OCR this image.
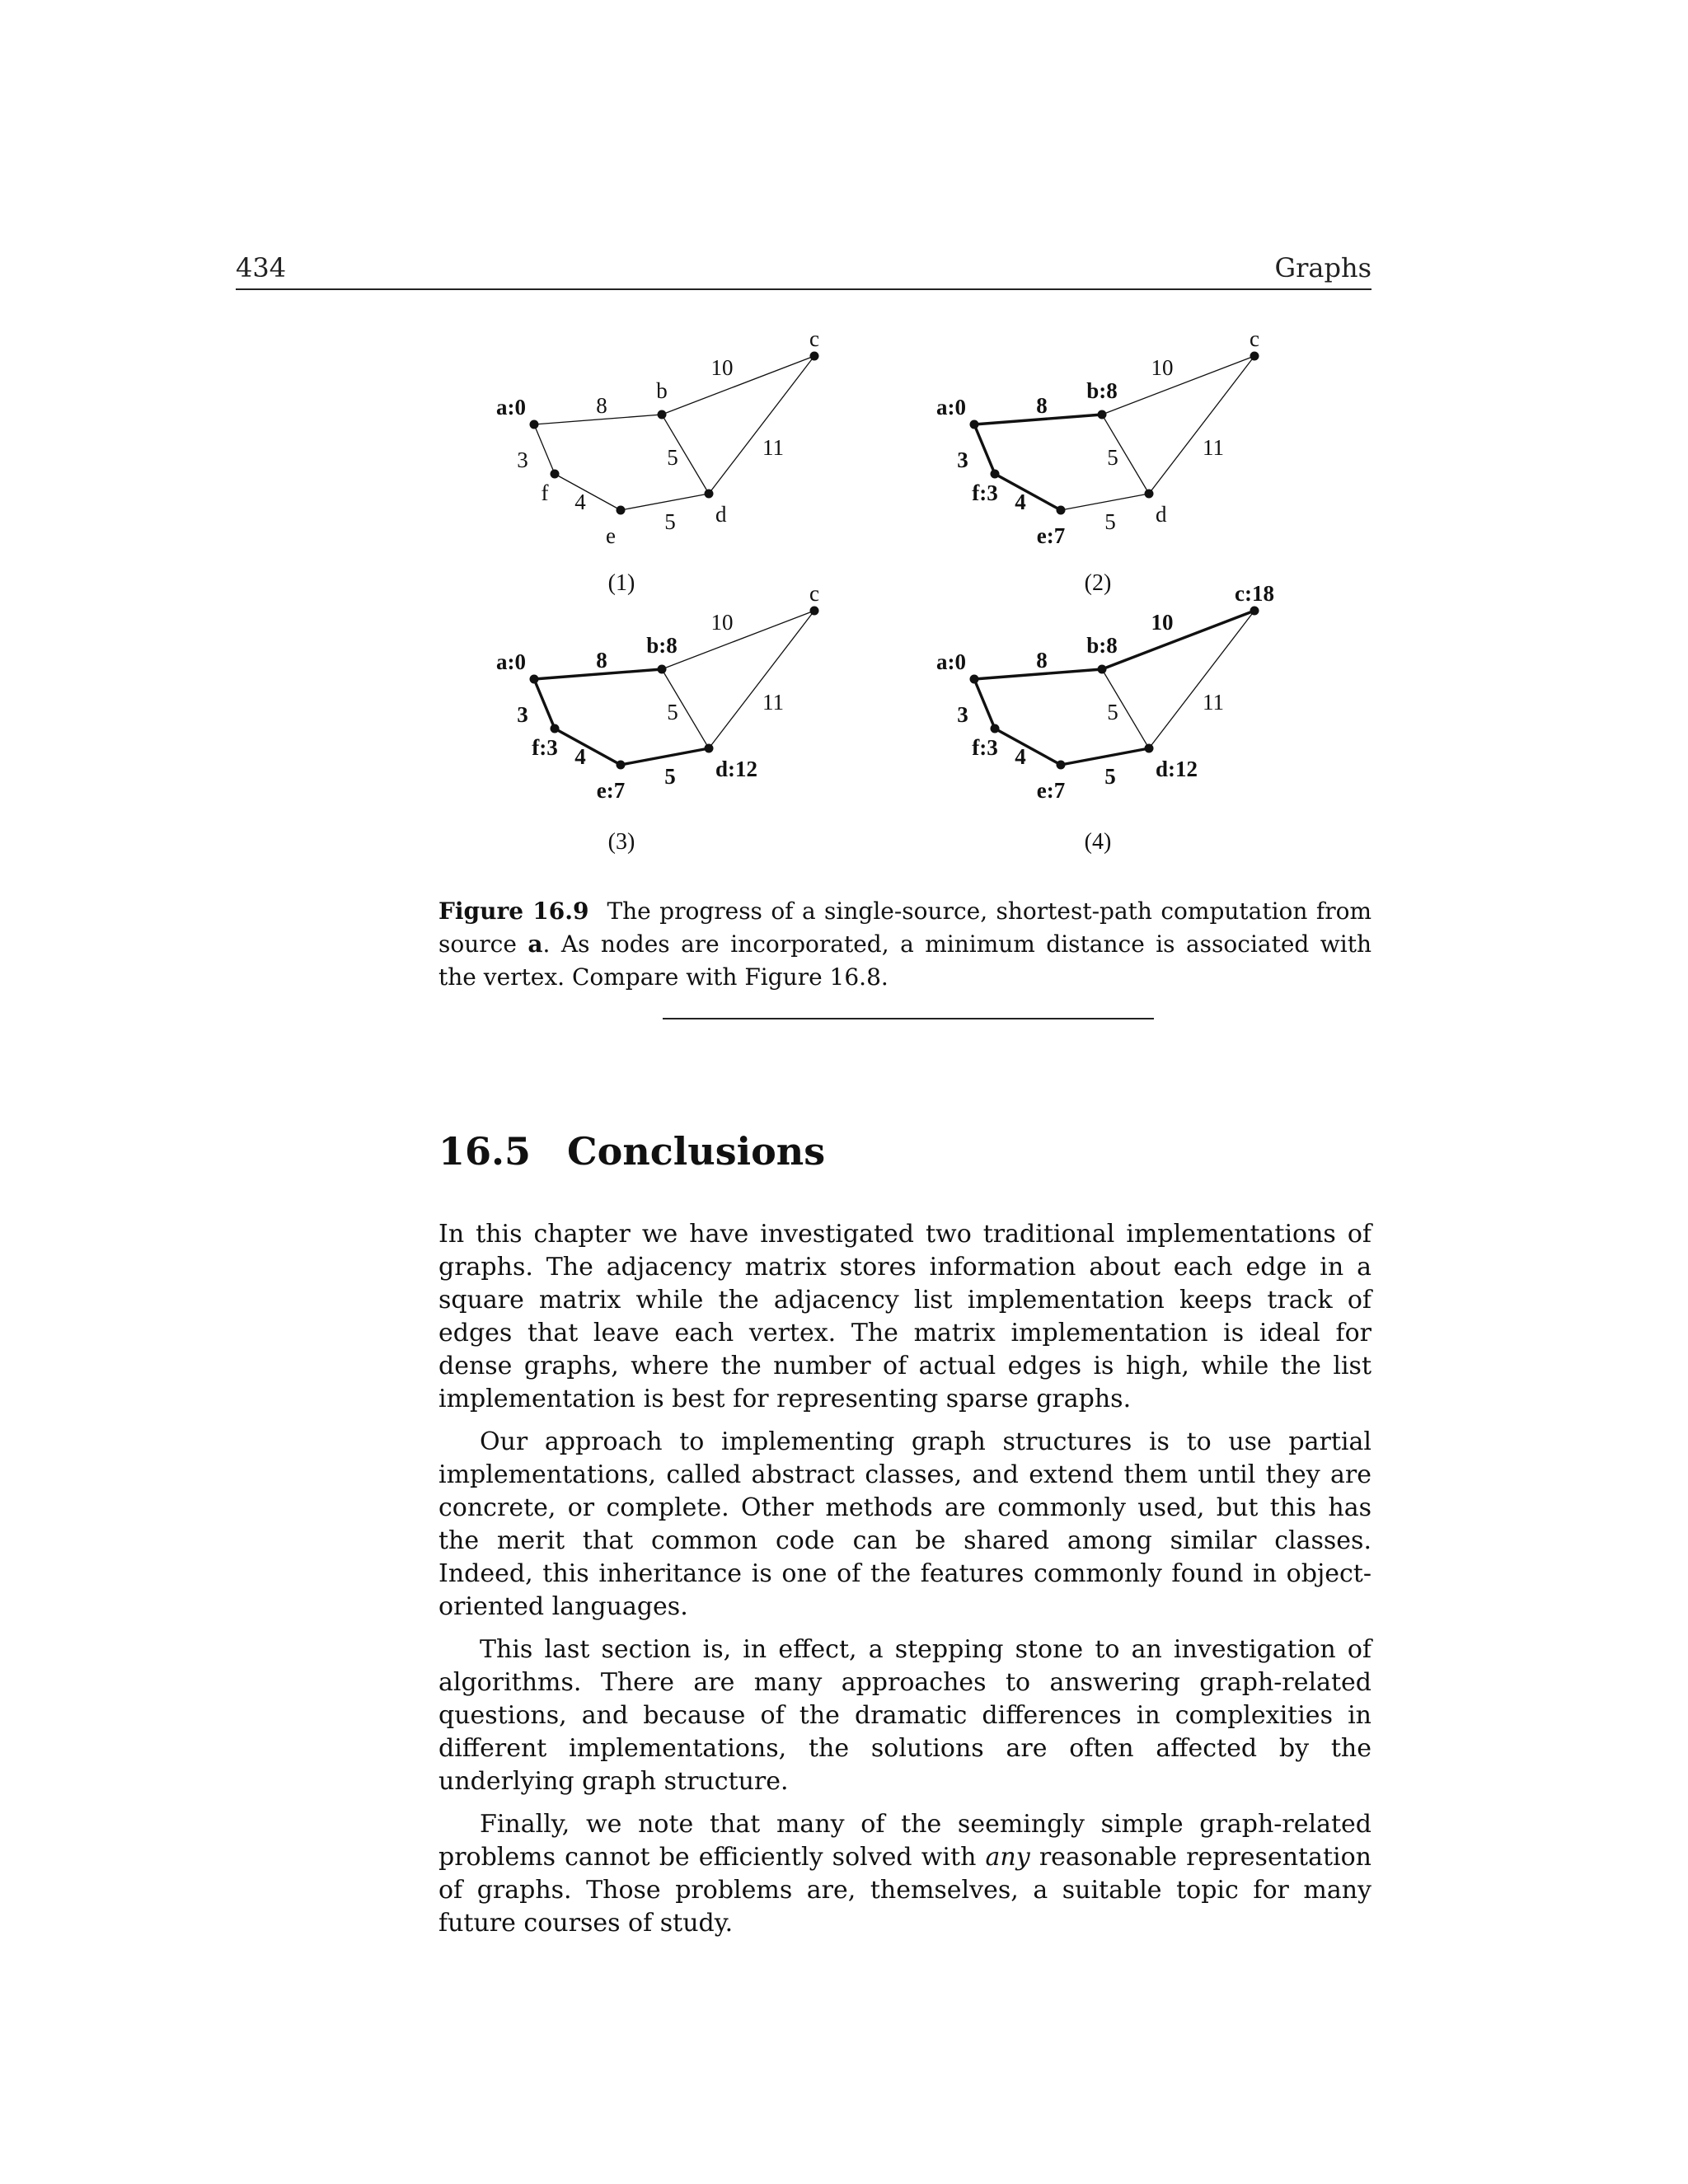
434	Graphs
8
10
5	11
3
4
5
a:0
b
c
d
e
f
(1)
8
10
5	11
3
4
5
a:0
b:8
c
d
e:7
f:3
(2)
8
10
5	11
3
4
5
a:0
b:8
c
d:12
e:7
f:3
(3)
8
10
5	11
3
4
5
a:0
b:8
c:18
d:12
e:7
f:3
(4)

Figure 16.9 The progress of a single-source, shortest-path computation from source a. As nodes are incorporated, a minimum distance is associated with the vertex. Compare with Figure 16.8.

16.5 Conclusions

In this chapter we have investigated two traditional implementations of graphs. The adjacency matrix stores information about each edge in a square matrix while the adjacency list implementation keeps track of edges that leave each vertex. The matrix implementation is ideal for dense graphs, where the number of actual edges is high, while the list implementation is best for representing sparse graphs.

Our approach to implementing graph structures is to use partial implementations, called abstract classes, and extend them until they are concrete, or complete. Other methods are commonly used, but this has the merit that common code can be shared among similar classes. Indeed, this inheritance is one of the features commonly found in object-oriented languages.

This last section is, in effect, a stepping stone to an investigation of algorithms. There are many approaches to answering graph-related questions, and because of the dramatic differences in complexities in different implementations, the solutions are often affected by the underlying graph structure.

Finally, we note that many of the seemingly simple graph-related problems cannot be efficiently solved with any reasonable representation of graphs. Those problems are, themselves, a suitable topic for many future courses of study.
